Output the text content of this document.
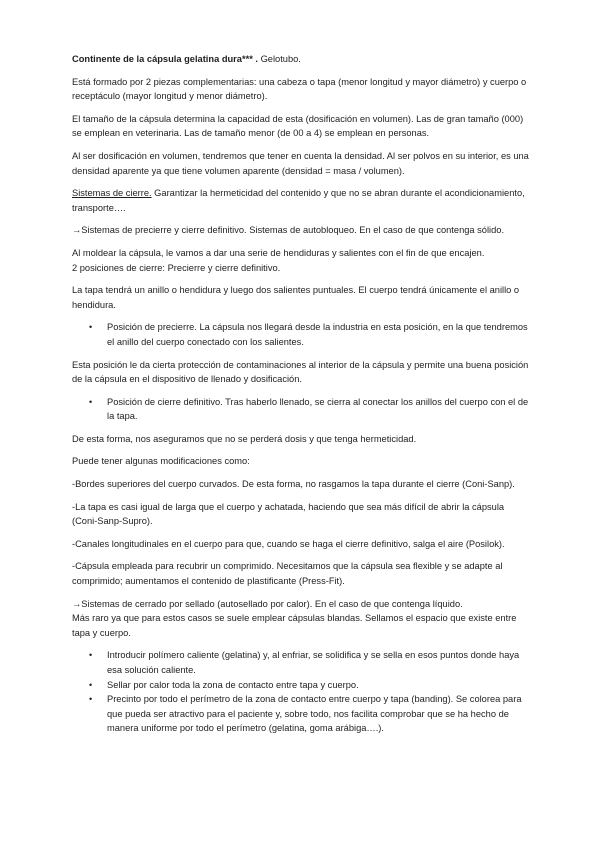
Continente de la cápsula gelatina dura*** . Gelotubo.

Está formado por 2 piezas complementarias: una cabeza o tapa (menor longitud y mayor diámetro) y cuerpo o receptáculo (mayor longitud y menor diámetro).

El tamaño de la cápsula determina la capacidad de esta (dosificación en volumen). Las de gran tamaño (000) se emplean en veterinaria. Las de tamaño menor (de 00 a 4) se emplean en personas.

Al ser dosificación en volumen, tendremos que tener en cuenta la densidad. Al ser polvos en su interior, es una densidad aparente ya que tiene volumen aparente (densidad = masa / volumen).

Sistemas de cierre. Garantizar la hermeticidad del contenido y que no se abran durante el acondicionamiento, transporte….

→Sistemas de precierre y cierre definitivo. Sistemas de autobloqueo. En el caso de que contenga sólido.

Al moldear la cápsula, le vamos a dar una serie de hendiduras y salientes con el fin de que encajen.
2 posiciones de cierre: Precierre y cierre definitivo.

La tapa tendrá un anillo o hendidura y luego dos salientes puntuales. El cuerpo tendrá únicamente el anillo o hendidura.

• Posición de precierre. La cápsula nos llegará desde la industria en esta posición, en la que tendremos el anillo del cuerpo conectado con los salientes.

Esta posición le da cierta protección de contaminaciones al interior de la cápsula y permite una buena posición de la cápsula en el dispositivo de llenado y dosificación.

• Posición de cierre definitivo. Tras haberlo llenado, se cierra al conectar los anillos del cuerpo con el de la tapa.

De esta forma, nos aseguramos que no se perderá dosis y que tenga hermeticidad.

Puede tener algunas modificaciones como:

-Bordes superiores del cuerpo curvados. De esta forma, no rasgamos la tapa durante el cierre (Coni-Sanp).

-La tapa es casi igual de larga que el cuerpo y achatada, haciendo que sea más difícil de abrir la cápsula (Coni-Sanp-Supro).

-Canales longitudinales en el cuerpo para que, cuando se haga el cierre definitivo, salga el aire (Posilok).

-Cápsula empleada para recubrir un comprimido. Necesitamos que la cápsula sea flexible y se adapte al comprimido; aumentamos el contenido de plastificante (Press-Fit).

→Sistemas de cerrado por sellado (autosellado por calor). En el caso de que contenga líquido.
Más raro ya que para estos casos se suele emplear cápsulas blandas. Sellamos el espacio que existe entre tapa y cuerpo.

• Introducir polímero caliente (gelatina) y, al enfriar, se solidifica y se sella en esos puntos donde haya esa solución caliente.
• Sellar por calor toda la zona de contacto entre tapa y cuerpo.
• Precinto por todo el perímetro de la zona de contacto entre cuerpo y tapa (banding). Se colorea para que pueda ser atractivo para el paciente y, sobre todo, nos facilita comprobar que se ha hecho de manera uniforme por todo el perímetro (gelatina, goma arábiga….).
